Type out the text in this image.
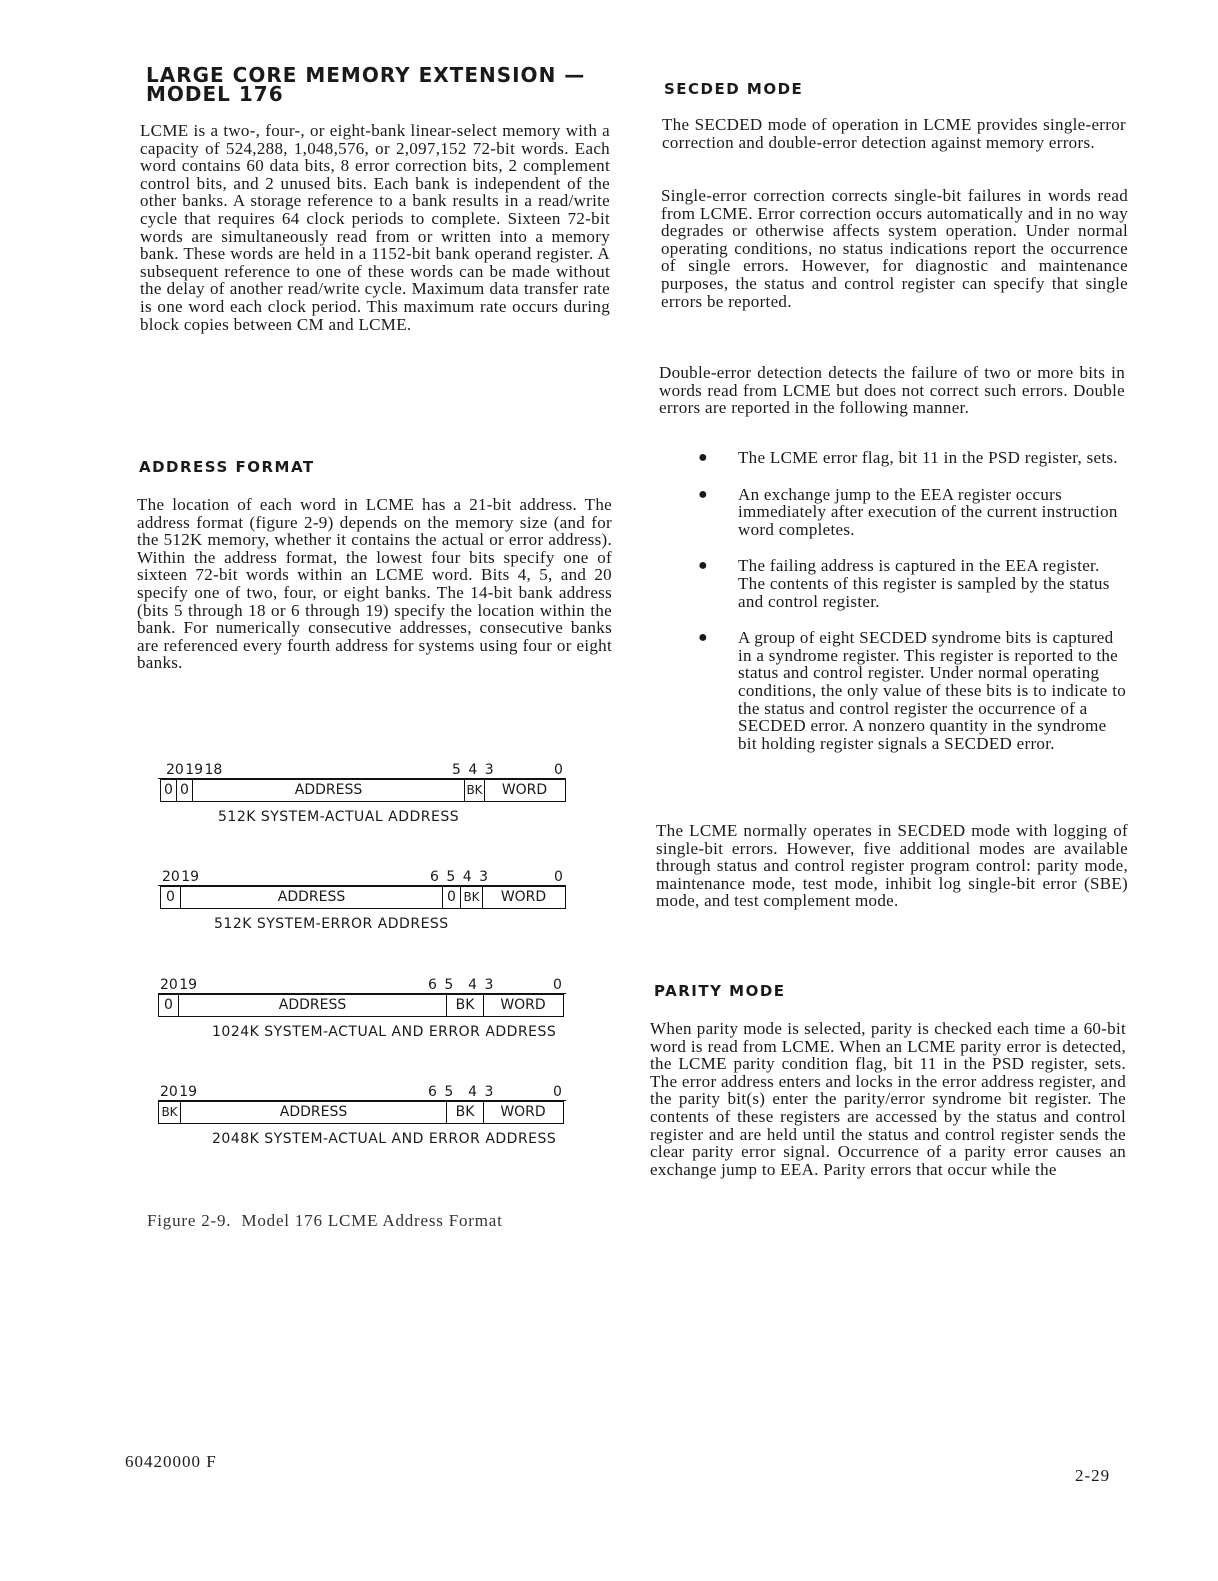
LARGE CORE MEMORY EXTENSION — MODEL 176

LCME is a two-, four-, or eight-bank linear-select memory with a capacity of 524,288, 1,048,576, or 2,097,152 72-bit words. Each word contains 60 data bits, 8 error correction bits, 2 complement control bits, and 2 unused bits. Each bank is independent of the other banks. A storage reference to a bank results in a read/write cycle that requires 64 clock periods to complete. Sixteen 72-bit words are simultaneously read from or written into a memory bank. These words are held in a 1152-bit bank operand register. A subsequent reference to one of these words can be made without the delay of another read/write cycle. Maximum data transfer rate is one word each clock period. This maximum rate occurs during block copies between CM and LCME.

ADDRESS FORMAT

The location of each word in LCME has a 21-bit address. The address format (figure 2-9) depends on the memory size (and for the 512K memory, whether it contains the actual or error address). Within the address format, the lowest four bits specify one of sixteen 72-bit words within an LCME word. Bits 4, 5, and 20 specify one of two, four, or eight banks. The 14-bit bank address (bits 5 through 18 or 6 through 19) specify the location within the bank. For numerically consecutive addresses, consecutive banks are referenced every fourth address for systems using four or eight banks.

20 19 18	5 4 3	0
0 0	ADDRESS	BK	WORD
512K SYSTEM-ACTUAL ADDRESS
20 19	6 5 4 3	0
0	ADDRESS	0 BK	WORD
512K SYSTEM-ERROR ADDRESS
20 19	6 5  4 3	0
0	ADDRESS	BK	WORD
1024K SYSTEM-ACTUAL AND ERROR ADDRESS
20 19	6 5  4 3	0
BK	ADDRESS	BK	WORD
2048K SYSTEM-ACTUAL AND ERROR ADDRESS
Figure 2-9.  Model 176 LCME Address Format
SECDED MODE

The SECDED mode of operation in LCME provides single-error correction and double-error detection against memory errors.

Single-error correction corrects single-bit failures in words read from LCME. Error correction occurs automatically and in no way degrades or otherwise affects system operation. Under normal operating conditions, no status indications report the occurrence of single errors. However, for diagnostic and maintenance purposes, the status and control register can specify that single errors be reported.

Double-error detection detects the failure of two or more bits in words read from LCME but does not correct such errors. Double errors are reported in the following manner.

● The LCME error flag, bit 11 in the PSD register, sets.
● An exchange jump to the EEA register occurs immediately after execution of the current instruction word completes.
● The failing address is captured in the EEA register. The contents of this register is sampled by the status and control register.
● A group of eight SECDED syndrome bits is captured in a syndrome register. This register is reported to the status and control register. Under normal operating conditions, the only value of these bits is to indicate to the status and control register the occurrence of a SECDED error. A nonzero quantity in the syndrome bit holding register signals a SECDED error.

The LCME normally operates in SECDED mode with logging of single-bit errors. However, five additional modes are available through status and control register program control: parity mode, maintenance mode, test mode, inhibit log single-bit error (SBE) mode, and test complement mode.

PARITY MODE

When parity mode is selected, parity is checked each time a 60-bit word is read from LCME. When an LCME parity error is detected, the LCME parity condition flag, bit 11 in the PSD register, sets. The error address enters and locks in the error address register, and the parity bit(s) enter the parity/error syndrome bit register. The contents of these registers are accessed by the status and control register and are held until the status and control register sends the clear parity error signal. Occurrence of a parity error causes an exchange jump to EEA. Parity errors that occur while the

60420000 F
2-29
